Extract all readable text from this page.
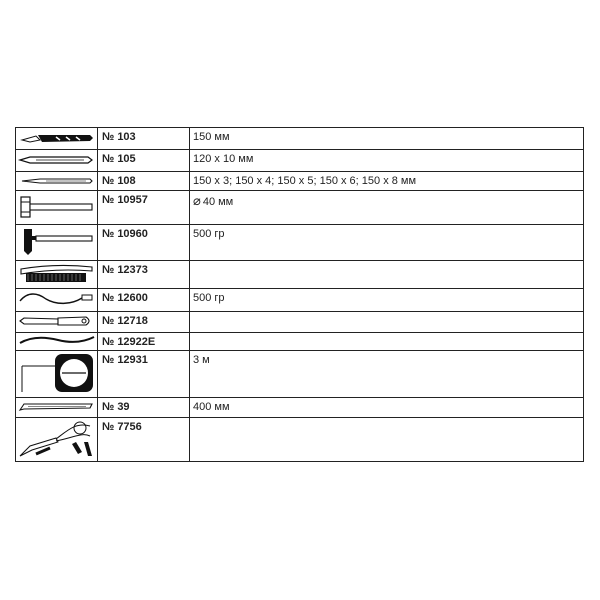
	№ 103	150 мм

	№ 105	120 x 10 мм

	№ 108	150 x 3; 150 x 4; 150 x 5; 150 x 6; 150 x 8 мм

	№ 10957	⌀ 40 мм

	№ 10960	500 гр

	№ 12373	

	№ 12600	500 гр

	№ 12718	

	№ 12922E	

	№ 12931	3 м

	№ 39	400 мм

	№ 7756	
